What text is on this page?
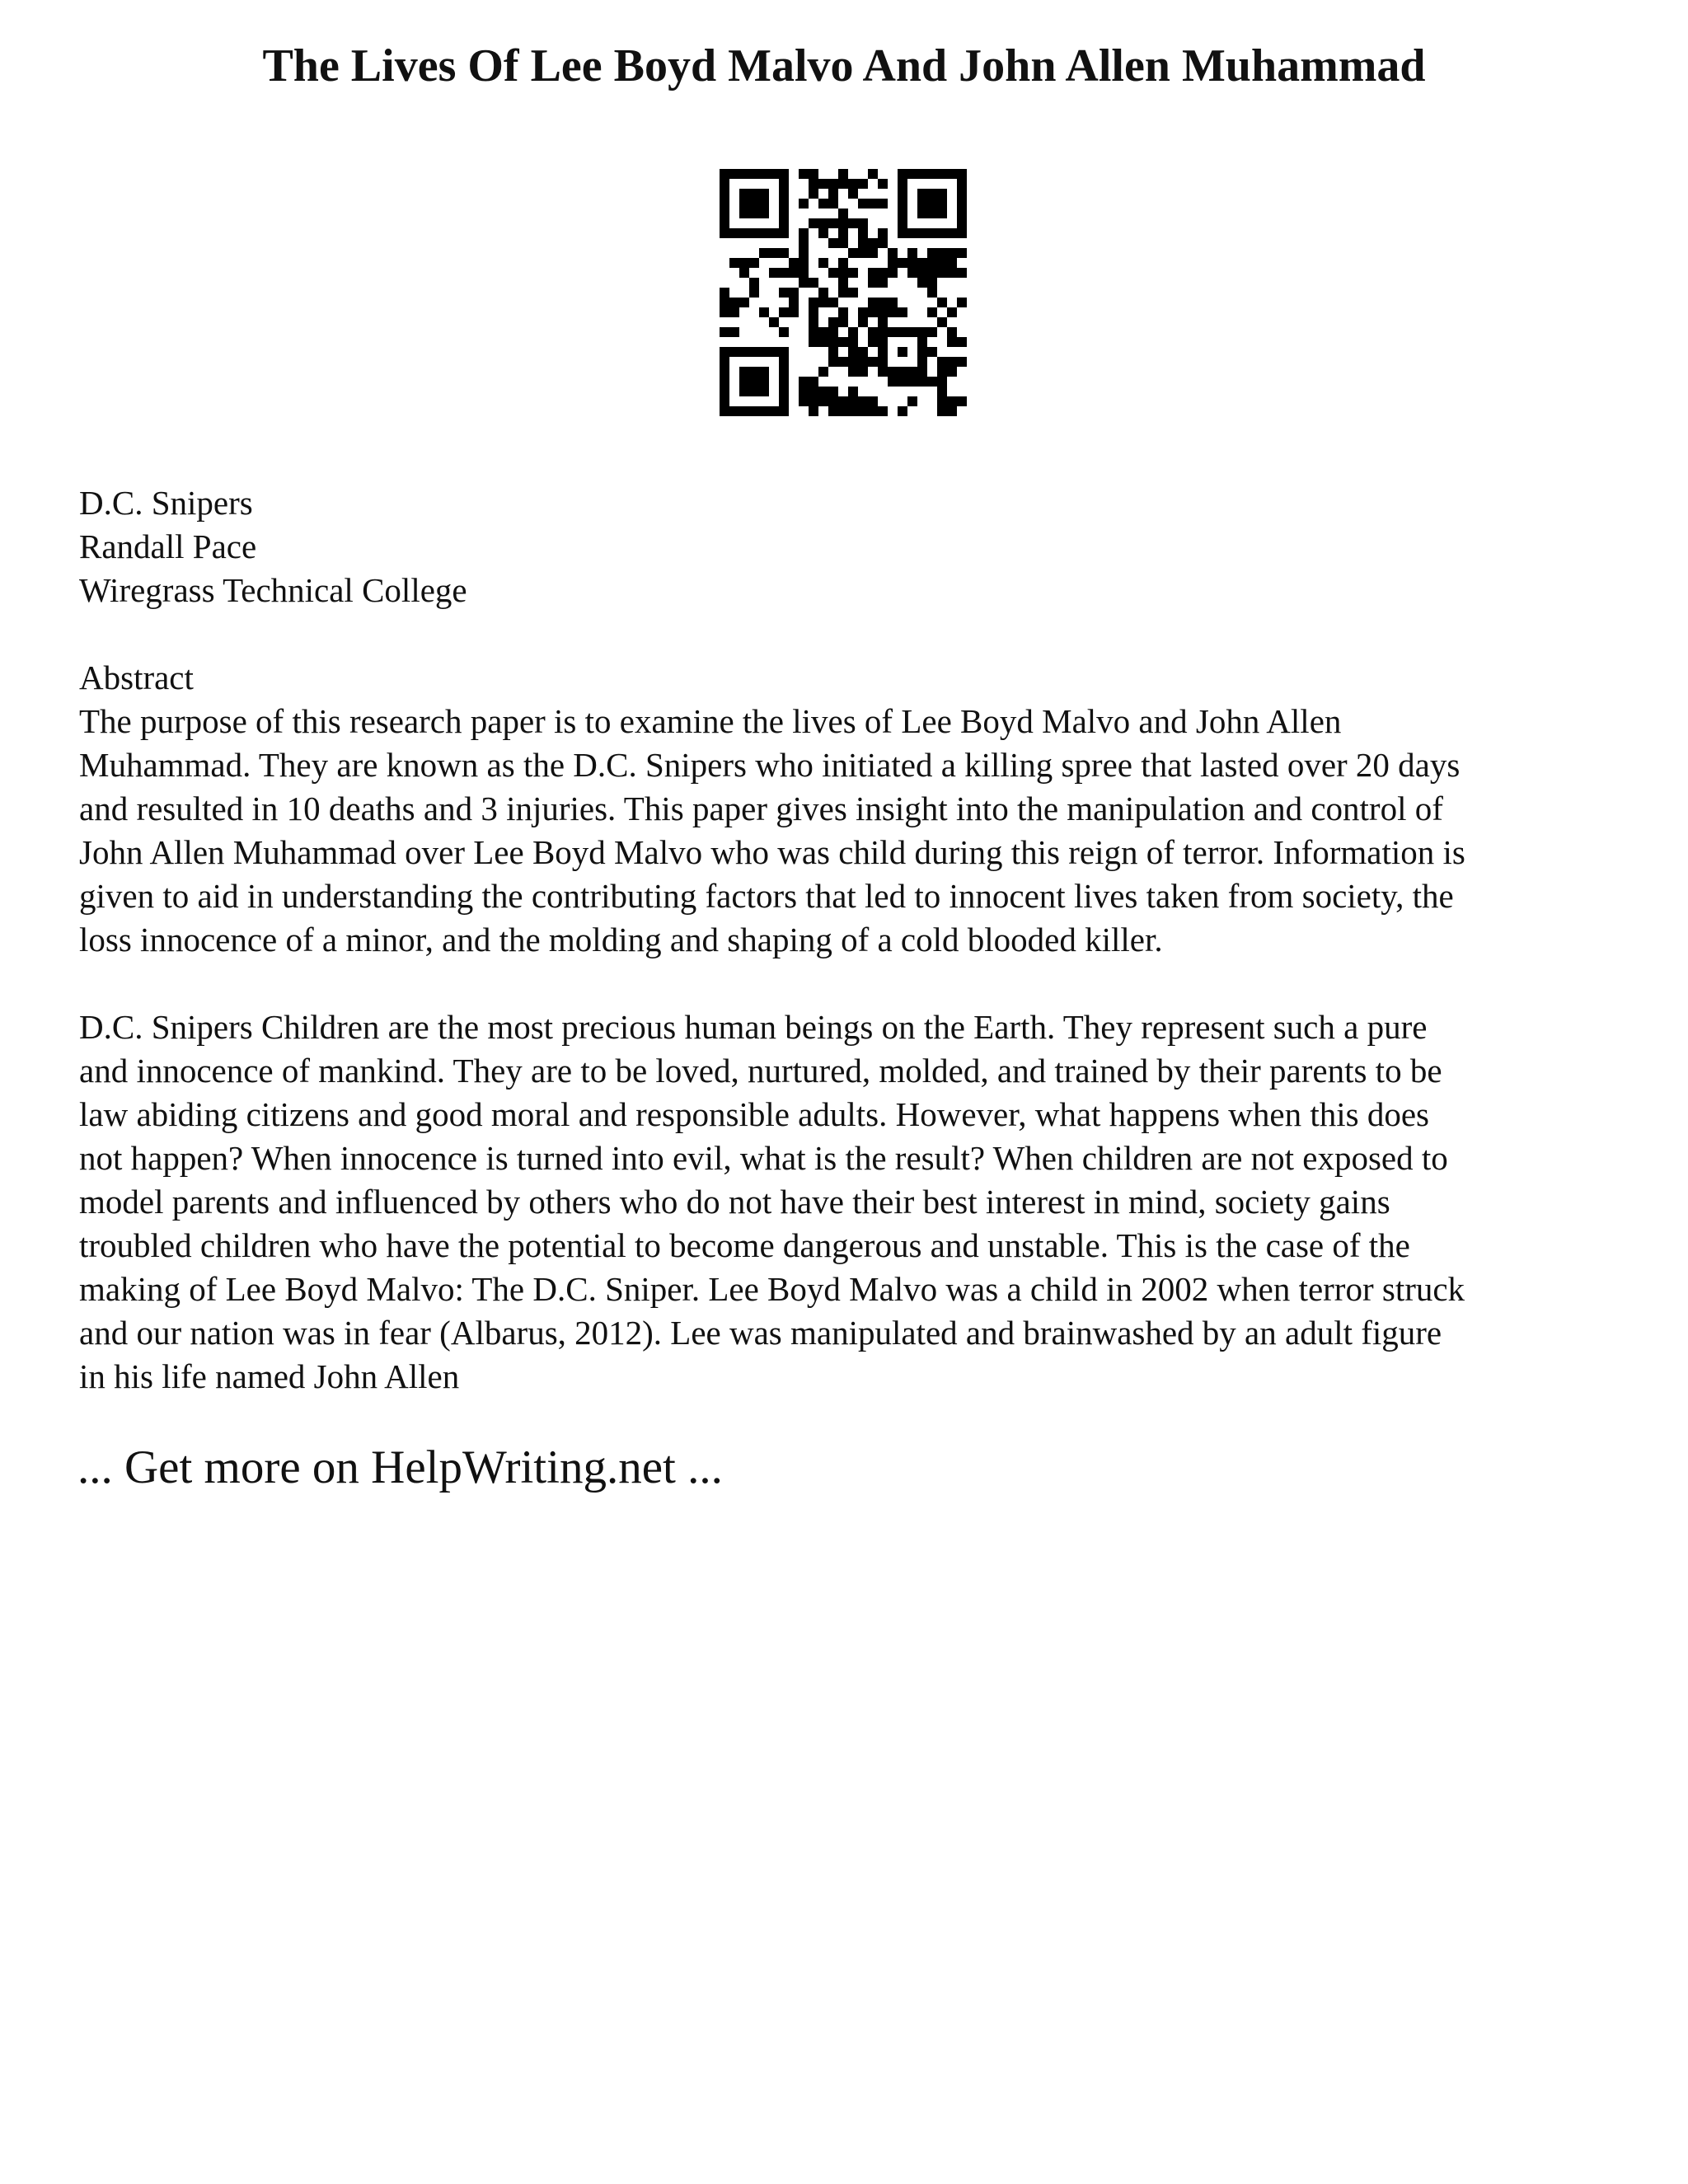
The Lives Of Lee Boyd Malvo And John Allen Muhammad

D.C. Snipers

Randall Pace

Wiregrass Technical College

Abstract

The purpose of this research paper is to examine the lives of Lee Boyd Malvo and John Allen

Muhammad. They are known as the D.C. Snipers who initiated a killing spree that lasted over 20 days

and resulted in 10 deaths and 3 injuries. This paper gives insight into the manipulation and control of

John Allen Muhammad over Lee Boyd Malvo who was child during this reign of terror. Information is

given to aid in understanding the contributing factors that led to innocent lives taken from society, the

loss innocence of a minor, and the molding and shaping of a cold blooded killer.

D.C. Snipers Children are the most precious human beings on the Earth. They represent such a pure

and innocence of mankind. They are to be loved, nurtured, molded, and trained by their parents to be

law abiding citizens and good moral and responsible adults. However, what happens when this does

not happen? When innocence is turned into evil, what is the result? When children are not exposed to

model parents and influenced by others who do not have their best interest in mind, society gains

troubled children who have the potential to become dangerous and unstable. This is the case of the

making of Lee Boyd Malvo: The D.C. Sniper. Lee Boyd Malvo was a child in 2002 when terror struck

and our nation was in fear (Albarus, 2012). Lee was manipulated and brainwashed by an adult figure

in his life named John Allen

... Get more on HelpWriting.net ...
